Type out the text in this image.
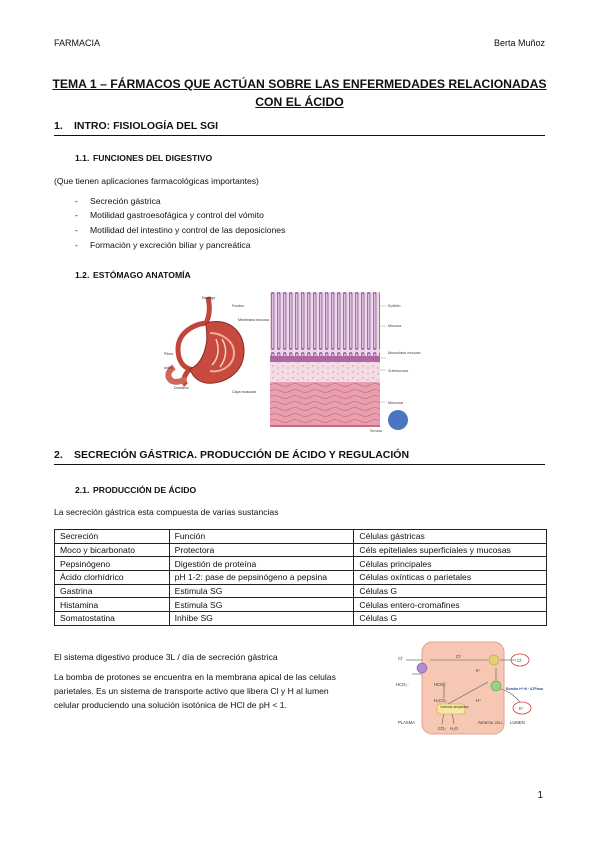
FARMACIA	Berta Muñoz
TEMA 1 – FÁRMACOS QUE ACTÚAN SOBRE LAS ENFERMEDADES RELACIONADAS
CON EL ÁCIDO
1. INTRO: FISIOLOGÍA DEL SGI
1.1. FUNCIONES DEL DIGESTIVO
(Que tienen aplicaciones farmacológicas importantes)
- Secreción gástrica
- Motilidad gastroesofágica y control del vómito
- Motilidad del intestino y control de las deposiciones
- Formación y excreción biliar y pancreática
1.2. ESTÓMAGO ANATOMÍA
Esófago
Fundus
Membrana mucosa
Píloro
Antro
Duodeno
Capa muscular
Epitelio
Mucosa
Muscularis mucosa
Submucosa
Muscular
Serosa
2. SECRECIÓN GÁSTRICA. PRODUCCIÓN DE ÁCIDO Y REGULACIÓN
2.1. PRODUCCIÓN DE ÁCIDO
La secreción gástrica esta compuesta de varias sustancias
Secreción	Función	Células gástricas
Moco y bicarbonato	Protectora	Céls epiteliales superficiales y mucosas
Pepsinógeno	Digestión de proteína	Células principales
Ácido clorhídrico	pH 1-2: pase de pepsinógeno a pepsina	Células oxínticas o parietales
Gastrina	Estimula SG	Células G
Histamina	Estimula SG	Células entero-cromafines
Somatostatina	Inhibe SG	Células G
El sistema digestivo produce 3L / día de secreción gástrica
La bomba de protones se encuentra en la membrana apical de las celulas
parietales. Es un sistema de transporte activo que libera Cl y H al lumen
celular produciendo una solución isotónica de HCl de pH < 1.
Cl⁻	Cl⁻
Cl⁻
HCO₃⁻	HCO₃⁻
H₂CO₃	H⁺
K⁺
K⁺
Carbonic anhydrase
CO₂ H₂O
PLASMA	PARIETAL CELL LUMEN
Bomba H⁺/K⁺ ATPasa
1
